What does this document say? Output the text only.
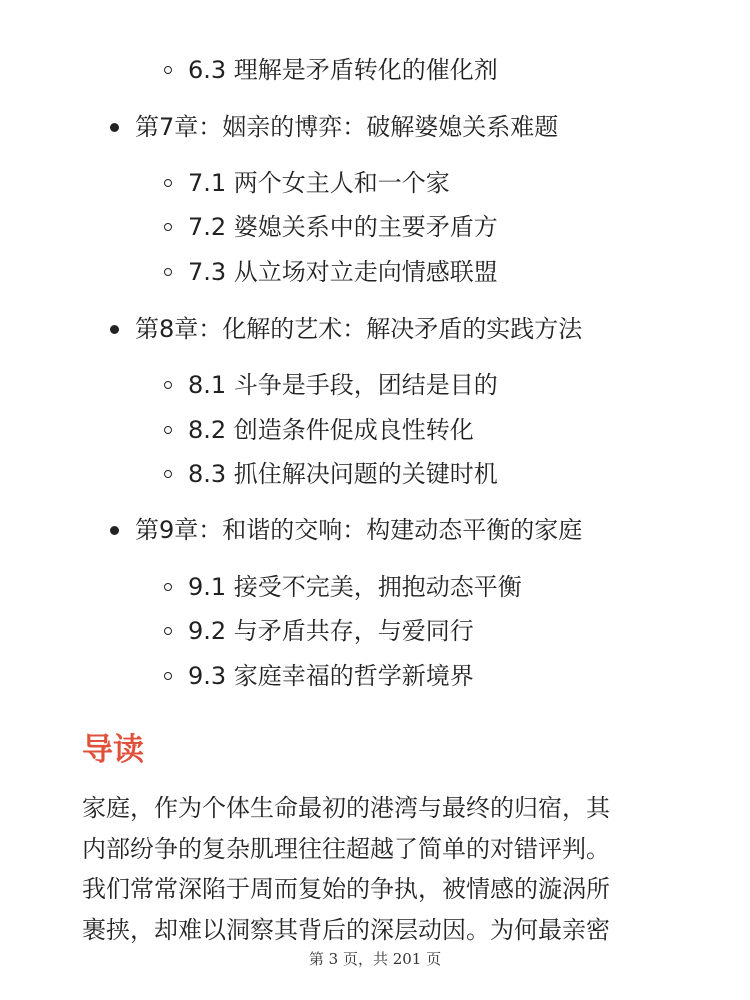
6.3 理解是矛盾转化的催化剂
第7章：姻亲的博弈：破解婆媳关系难题
7.1 两个女主人和一个家
7.2 婆媳关系中的主要矛盾方
7.3 从立场对立走向情感联盟
第8章：化解的艺术：解决矛盾的实践方法
8.1 斗争是手段，团结是目的
8.2 创造条件促成良性转化
8.3 抓住解决问题的关键时机
第9章：和谐的交响：构建动态平衡的家庭
9.1 接受不完美，拥抱动态平衡
9.2 与矛盾共存，与爱同行
9.3 家庭幸福的哲学新境界
导读
家庭，作为个体生命最初的港湾与最终的归宿，其
内部纷争的复杂肌理往往超越了简单的对错评判。
我们常常深陷于周而复始的争执，被情感的漩涡所
裹挟，却难以洞察其背后的深层动因。为何最亲密
第 3 页，共 201 页
